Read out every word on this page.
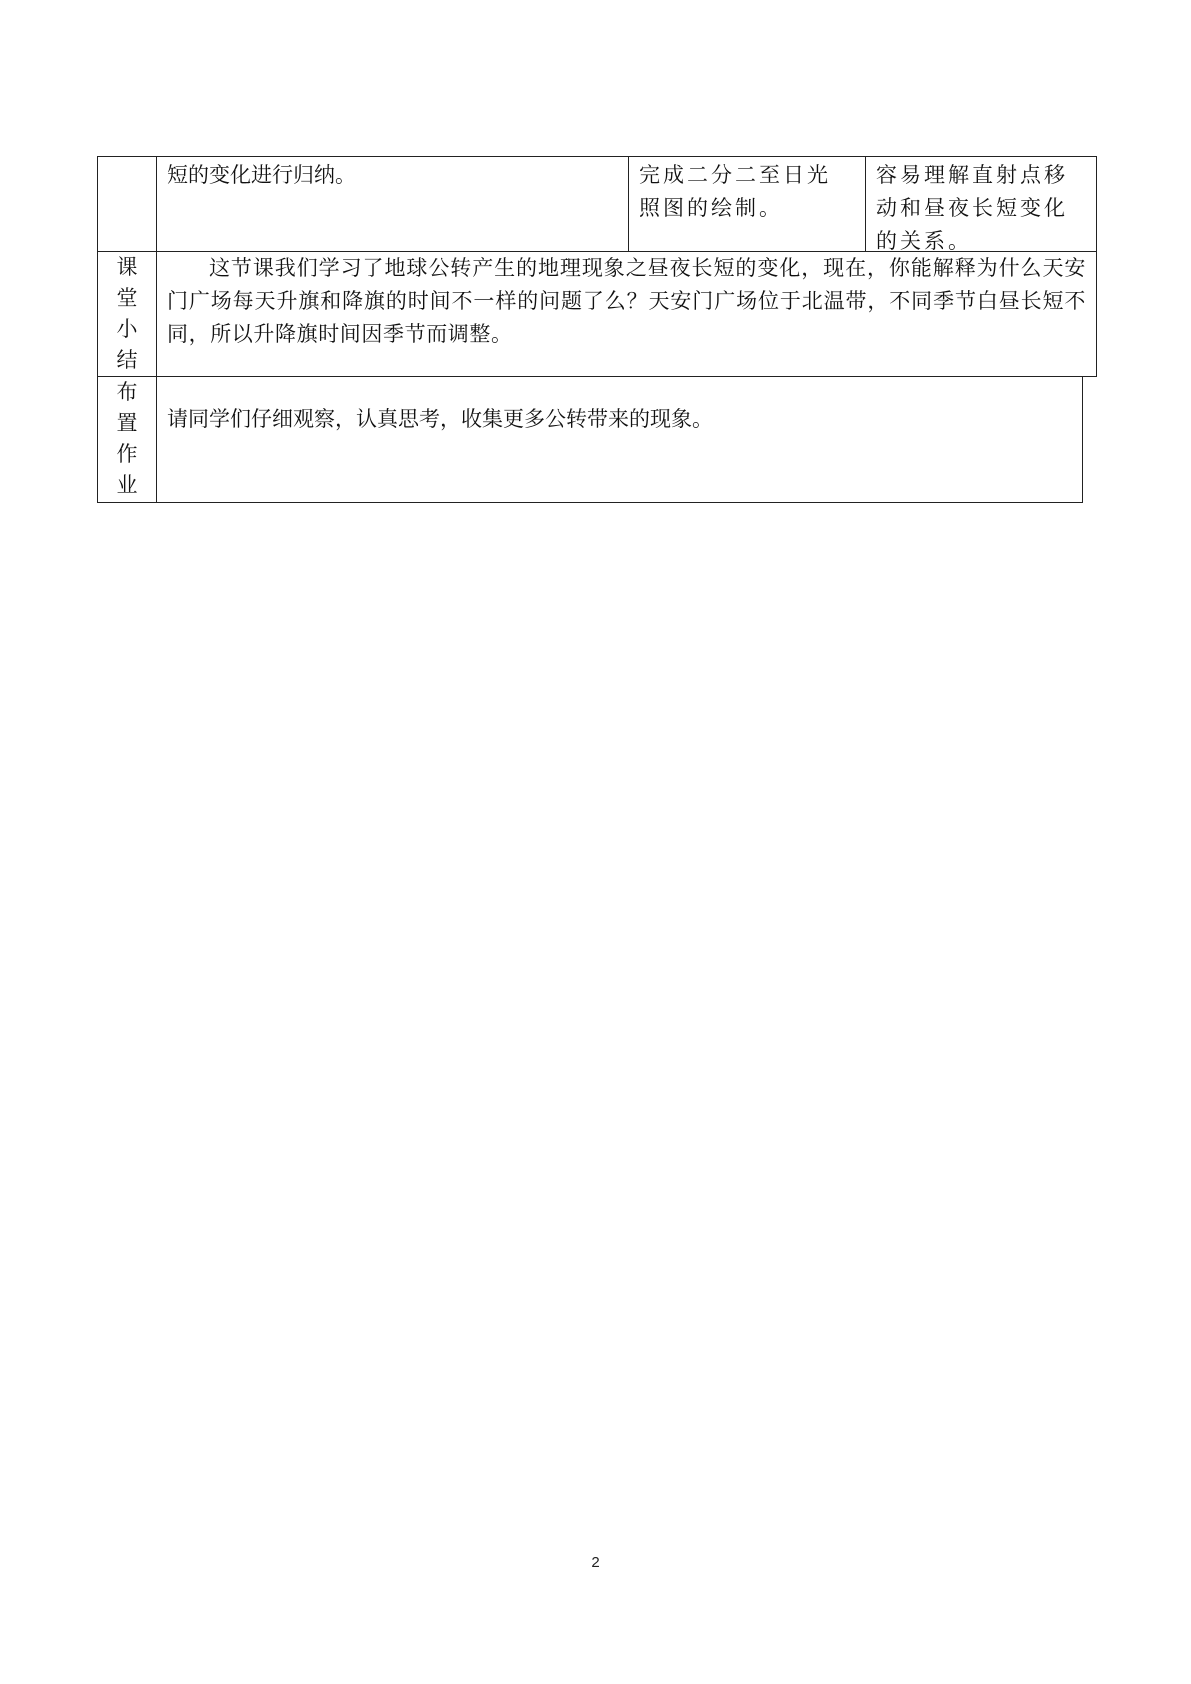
短的变化进行归纳。	完成二分二至日光
照图的绘制。
容易理解直射点移
动和昼夜长短变化
的关系。
课
堂
小
结
这节课我们学习了地球公转产生的地理现象之昼夜长短的变化，现在，你能解释为什么天安门广场每天升旗和降旗的时间不一样的问题了么？天安门广场位于北温带，不同季节白昼长短不同，所以升降旗时间因季节而调整。
布
置
作
业
请同学们仔细观察，认真思考，收集更多公转带来的现象。
2
